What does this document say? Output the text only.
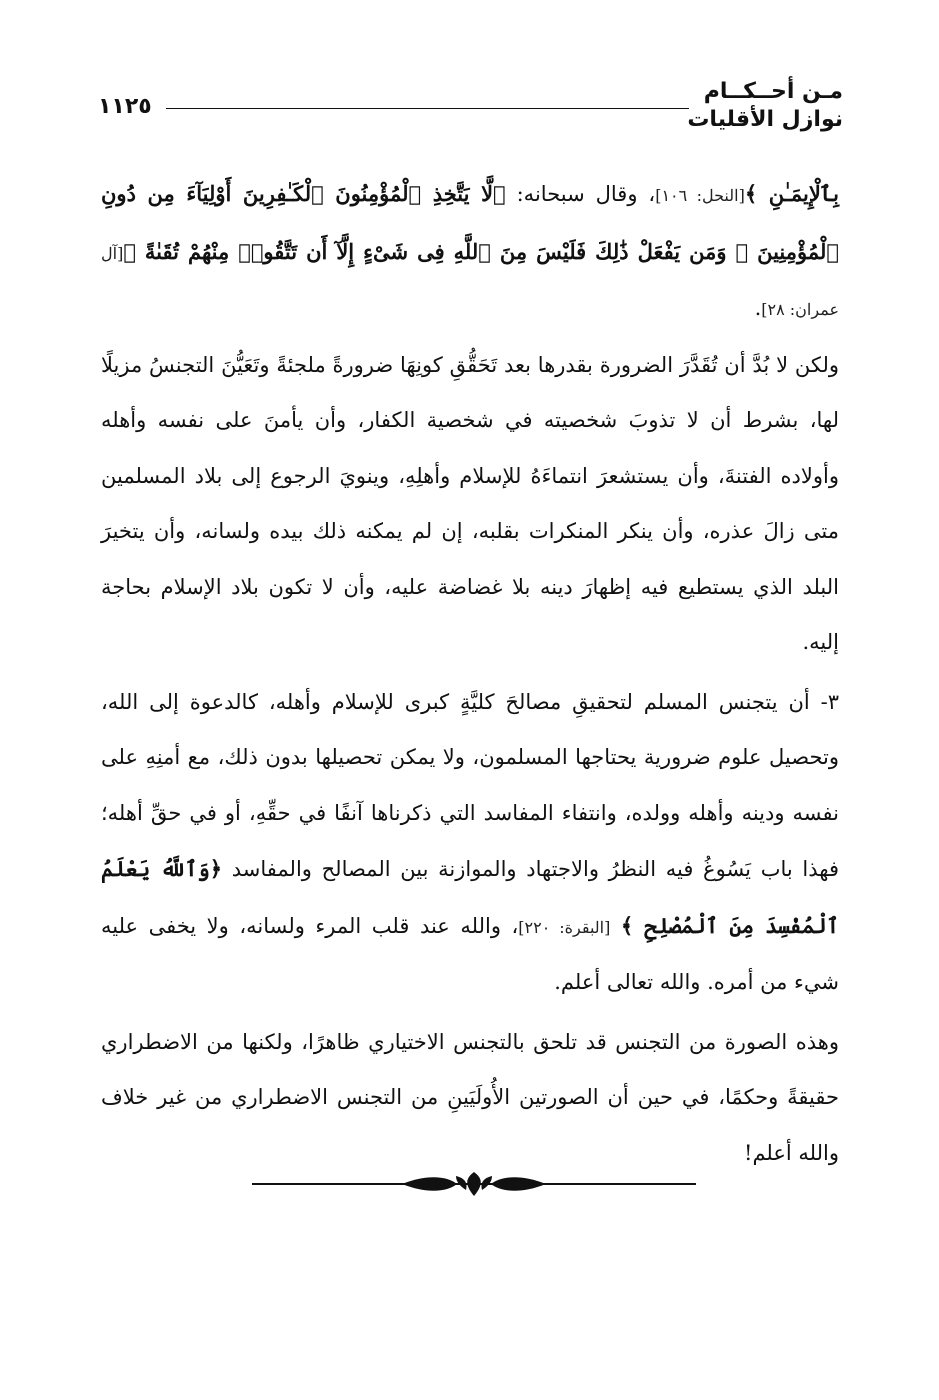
مـن أحــكــام
نوازل الأقليات
١١٢٥

بِٱلْإِيمَـٰنِ ﴾[النحل: ١٠٦]، وقال سبحانه: ﴿لَّا يَتَّخِذِ ٱلْمُؤْمِنُونَ ٱلْكَـٰفِرِينَ أَوْلِيَآءَ مِن دُونِ ٱلْمُؤْمِنِينَ ۖ وَمَن يَفْعَلْ ذَٰلِكَ فَلَيْسَ مِنَ ٱللَّهِ فِى شَىْءٍ إِلَّآ أَن تَتَّقُوا۟ مِنْهُمْ تُقَىٰةً ﴾[آل عمران: ٢٨].

ولكن لا بُدَّ أن تُقَدَّرَ الضرورة بقدرها بعد تَحَقُّقِ كونِهَا ضرورةً ملجئةً وتَعَيُّنَ التجنسُ مزيلًا لها، بشرط أن لا تذوبَ شخصيته في شخصية الكفار، وأن يأمنَ على نفسه وأهله وأولاده الفتنةَ، وأن يستشعرَ انتماءَهُ للإسلام وأهلِهِ، وينويَ الرجوع إلى بلاد المسلمين متى زالَ عذره، وأن ينكر المنكرات بقلبه، إن لم يمكنه ذلك بيده ولسانه، وأن يتخيرَ البلد الذي يستطيع فيه إظهارَ دينه بلا غضاضة عليه، وأن لا تكون بلاد الإسلام بحاجة إليه.

٣- أن يتجنس المسلم لتحقيقِ مصالحَ كليَّةٍ كبرى للإسلام وأهله، كالدعوة إلى الله، وتحصيل علوم ضرورية يحتاجها المسلمون، ولا يمكن تحصيلها بدون ذلك، مع أمنِهِ على نفسه ودينه وأهله وولده، وانتفاء المفاسد التي ذكرناها آنفًا في حقِّهِ، أو في حقِّ أهله؛ فهذا باب يَسُوغُ فيه النظرُ والاجتهاد والموازنة بين المصالح والمفاسد ﴿وَٱللَّهُ يَعْلَمُ ٱلْمُفْسِدَ مِنَ ٱلْمُصْلِحِ ﴾ [البقرة: ٢٢٠]، والله عند قلب المرء ولسانه، ولا يخفى عليه شيء من أمره. والله تعالى أعلم.

وهذه الصورة من التجنس قد تلحق بالتجنس الاختياري ظاهرًا، ولكنها من الاضطراري حقيقةً وحكمًا، في حين أن الصورتين الأُولَيَينِ من التجنس الاضطراري من غير خلاف والله أعلم!
